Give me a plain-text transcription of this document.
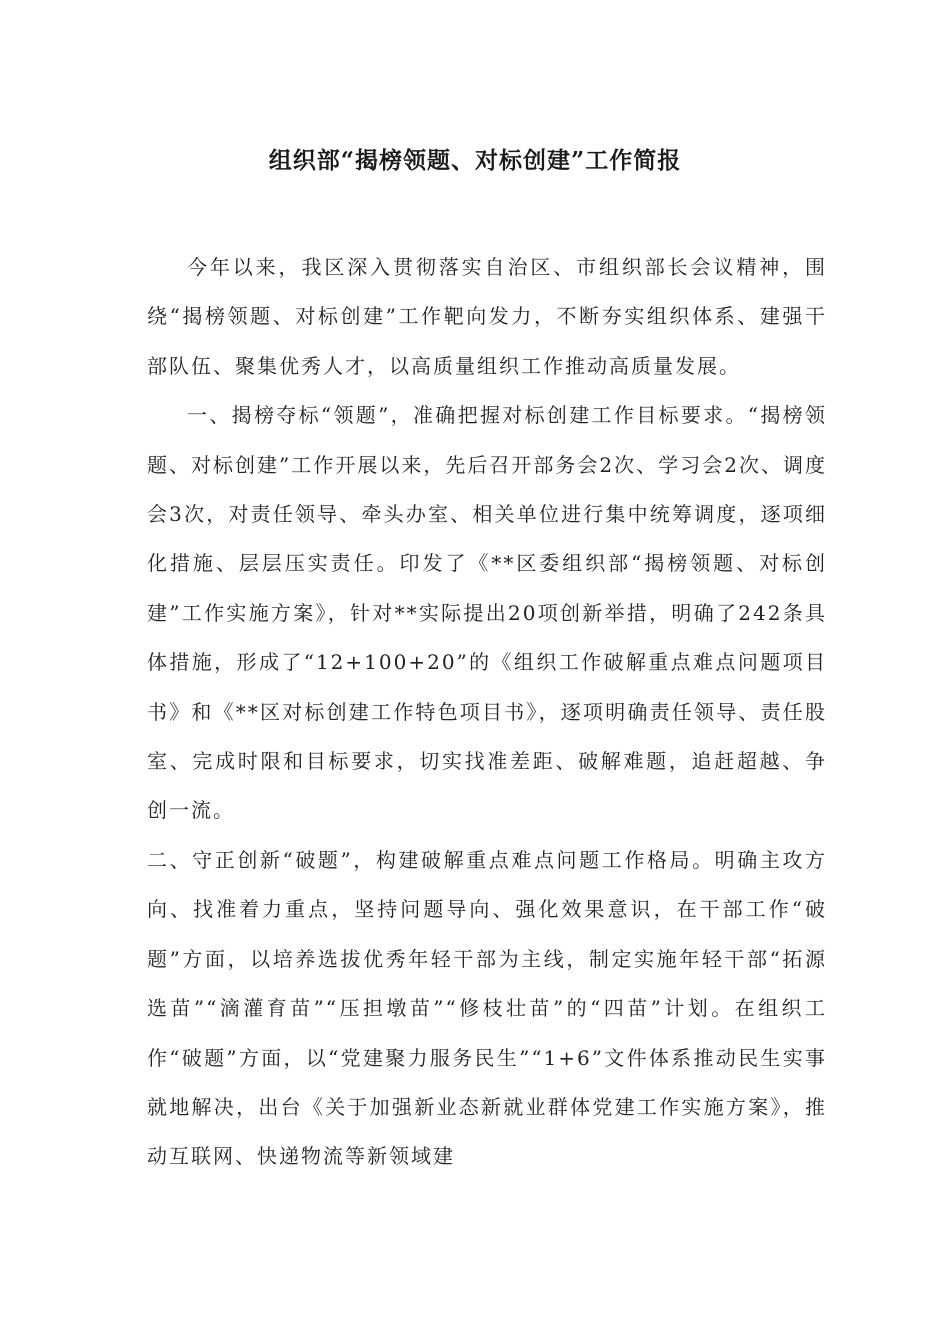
组织部“揭榜领题、对标创建”工作简报

今年以来，我区深入贯彻落实自治区、市组织部长会议精神，围绕“揭榜领题、对标创建”工作靶向发力，不断夯实组织体系、建强干部队伍、聚集优秀人才，以高质量组织工作推动高质量发展。

一、揭榜夺标“领题”，准确把握对标创建工作目标要求。“揭榜领题、对标创建”工作开展以来，先后召开部务会2次、学习会2次、调度会3次，对责任领导、牵头办室、相关单位进行集中统筹调度，逐项细化措施、层层压实责任。印发了《**区委组织部“揭榜领题、对标创建”工作实施方案》，针对**实际提出20项创新举措，明确了242条具体措施，形成了“12+100+20”的《组织工作破解重点难点问题项目书》和《**区对标创建工作特色项目书》，逐项明确责任领导、责任股室、完成时限和目标要求，切实找准差距、破解难题，追赶超越、争创一流。

二、守正创新“破题”，构建破解重点难点问题工作格局。明确主攻方向、找准着力重点，坚持问题导向、强化效果意识，在干部工作“破题”方面，以培养选拔优秀年轻干部为主线，制定实施年轻干部“拓源选苗”“滴灌育苗”“压担墩苗”“修枝壮苗”的“四苗”计划。在组织工作“破题”方面，以“党建聚力服务民生”“1+6”文件体系推动民生实事就地解决，出台《关于加强新业态新就业群体党建工作实施方案》，推动互联网、快递物流等新领域建
